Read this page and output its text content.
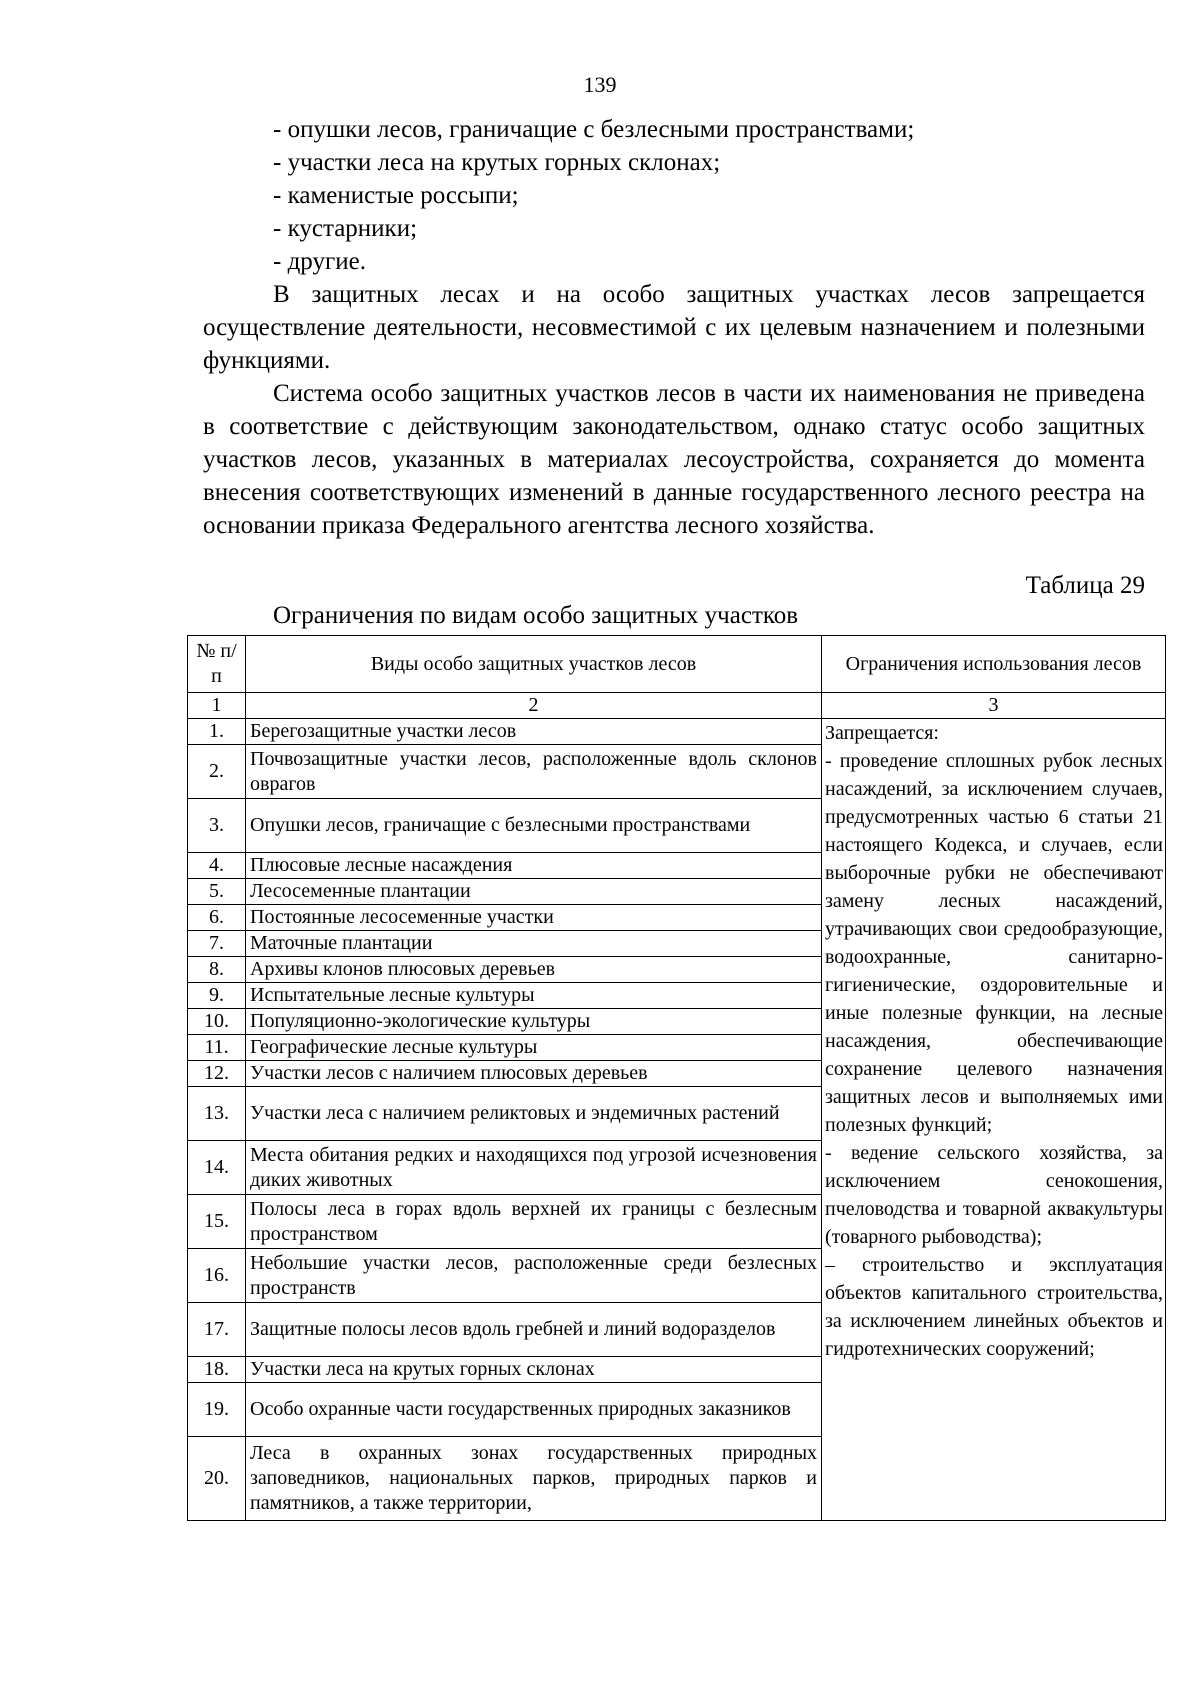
139
- опушки лесов, граничащие с безлесными пространствами;
- участки леса на крутых горных склонах;
- каменистые россыпи;
- кустарники;
- другие.

В защитных лесах и на особо защитных участках лесов запрещается осуществление деятельности, несовместимой с их целевым назначением и полезными функциями.

Система особо защитных участков лесов в части их наименования не приведена в соответствие с действующим законодательством, однако статус особо защитных участков лесов, указанных в материалах лесоустройства, сохраняется до момента внесения соответствующих изменений в данные государственного лесного реестра на основании приказа Федерального агентства лесного хозяйства.

Таблица 29
Ограничения по видам особо защитных участков
№ п/п	Виды особо защитных участков лесов	Ограничения использования лесов
1	2	3
1.	Берегозащитные участки лесов	Запрещается:
- проведение сплошных рубок лесных насаждений, за исключением случаев, предусмотренных частью 6 статьи 21 настоящего Кодекса, и случаев, если выборочные рубки не обеспечивают замену лесных насаждений, утрачивающих свои средообразующие, водоохранные, санитарно-гигиенические, оздоровительные и иные полезные функции, на лесные насаждения, обеспечивающие сохранение целевого назначения защитных лесов и выполняемых ими полезных функций;
- ведение сельского хозяйства, за исключением сенокошения, пчеловодства и товарной аквакультуры (товарного рыбоводства);
– строительство и эксплуатация объектов капитального строительства, за исключением линейных объектов и гидротехнических сооружений;

2.	Почвозащитные участки лесов, расположенные вдоль склонов оврагов	
3.	Опушки лесов, граничащие с безлесными пространствами	
4.	Плюсовые лесные насаждения	
5.	Лесосеменные плантации	
6.	Постоянные лесосеменные участки	
7.	Маточные плантации	
8.	Архивы клонов плюсовых деревьев	
9.	Испытательные лесные культуры	
10.	Популяционно-экологические культуры	
11.	Географические лесные культуры	
12.	Участки лесов с наличием плюсовых деревьев	
13.	Участки леса с наличием реликтовых и эндемичных растений	
14.	Места обитания редких и находящихся под угрозой исчезновения диких животных	
15.	Полосы леса в горах вдоль верхней их границы с безлесным пространством	
16.	Небольшие участки лесов, расположенные среди безлесных пространств	
17.	Защитные полосы лесов вдоль гребней и линий водоразделов	
18.	Участки леса на крутых горных склонах	
19.	Особо охранные части государственных природных заказников	
20.	Леса в охранных зонах государственных природных заповедников, национальных парков, природных парков и памятников, а также территории,	
